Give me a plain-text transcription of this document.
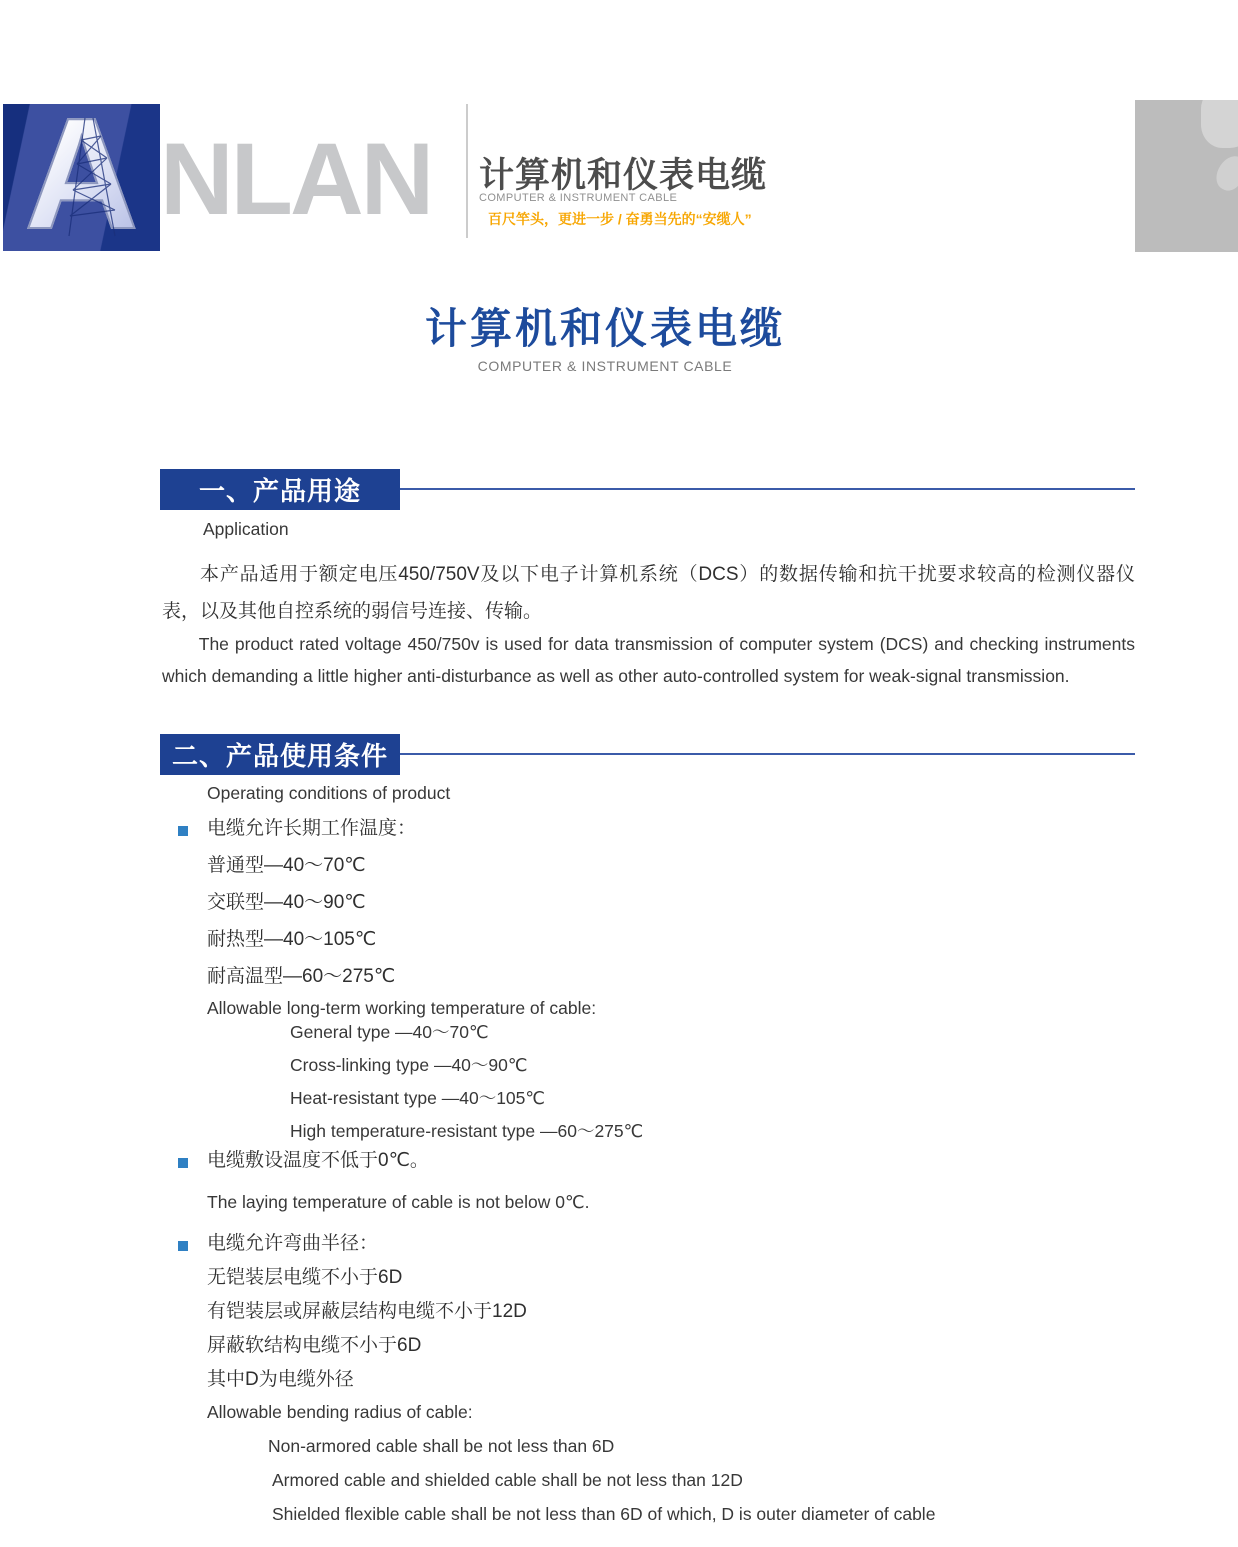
A NLAN 计算机和仪表电缆
COMPUTER & INSTRUMENT CABLE
百尺竿头，更进一步 / 奋勇当先的“安缆人”
计算机和仪表电缆
COMPUTER & INSTRUMENT CABLE
一、产品用途
Application
本产品适用于额定电压450/750V及以下电子计算机系统（DCS）的数据传输和抗干扰要求较高的检测仪器仪表，以及其他自控系统的弱信号连接、传输。
The product rated voltage 450/750v is used for data transmission of computer system (DCS) and checking instruments which demanding a little higher anti-disturbance as well as other auto-controlled system for weak-signal transmission.
二、产品使用条件
Operating conditions of product
电缆允许长期工作温度：
普通型—40～70℃
交联型—40～90℃
耐热型—40～105℃
耐高温型—60～275℃
Allowable long-term working temperature of cable:
General type —40～70℃
Cross-linking type —40～90℃
Heat-resistant type —40～105℃
High temperature-resistant type —60～275℃
电缆敷设温度不低于0℃。
The laying temperature of cable is not below 0℃.
电缆允许弯曲半径：
无铠装层电缆不小于6D
有铠装层或屏蔽层结构电缆不小于12D
屏蔽软结构电缆不小于6D
其中D为电缆外径
Allowable bending radius of cable:
Non-armored cable shall be not less than 6D
Armored cable and shielded cable shall be not less than 12D
Shielded flexible cable shall be not less than 6D of which, D is outer diameter of cable
